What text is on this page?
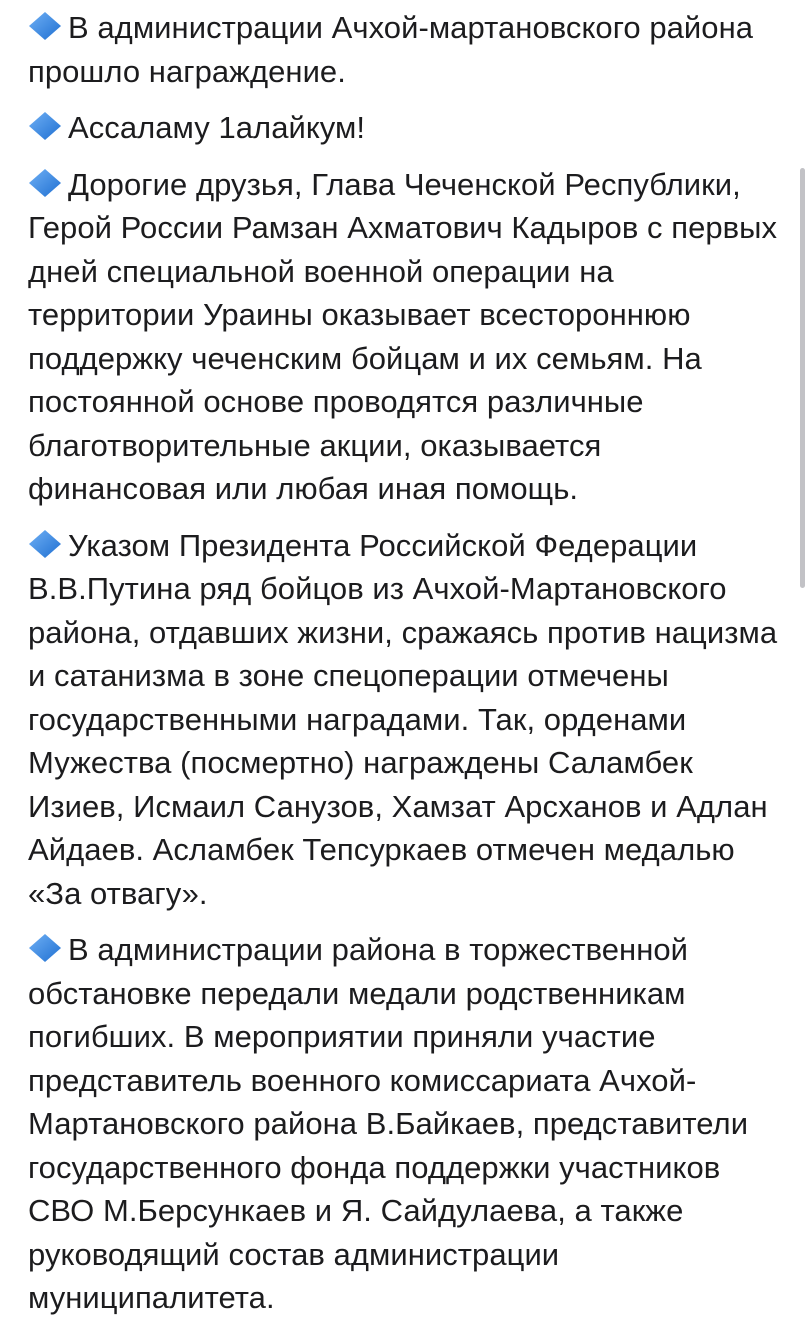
В администрации Ачхой-мартановского района прошло награждение.

Ассаламу 1алайкум!

Дорогие друзья, Глава Чеченской Республики, Герой России Рамзан Ахматович Кадыров с первых дней специальной военной операции на территории Ураины оказывает всестороннюю поддержку чеченским бойцам и их семьям. На постоянной основе проводятся различные благотворительные акции, оказывается финансовая или любая иная помощь.

Указом Президента Российской Федерации В.В.Путина ряд бойцов из Ачхой-Мартановского района, отдавших жизни, сражаясь против нацизма и сатанизма в зоне спецоперации отмечены государственными наградами. Так, орденами Мужества (посмертно) награждены Саламбек Изиев, Исмаил Санузов, Хамзат Арсханов и Адлан Айдаев. Асламбек Тепсуркаев отмечен медалью «За отвагу».

В администрации района в торжественной обстановке передали медали родственникам погибших. В мероприятии приняли участие представитель военного комиссариата Ачхой-Мартановского района В.Байкаев, представители государственного фонда поддержки участников СВО М.Берсункаев и Я. Сайдулаева, а также руководящий состав администрации муниципалитета.
